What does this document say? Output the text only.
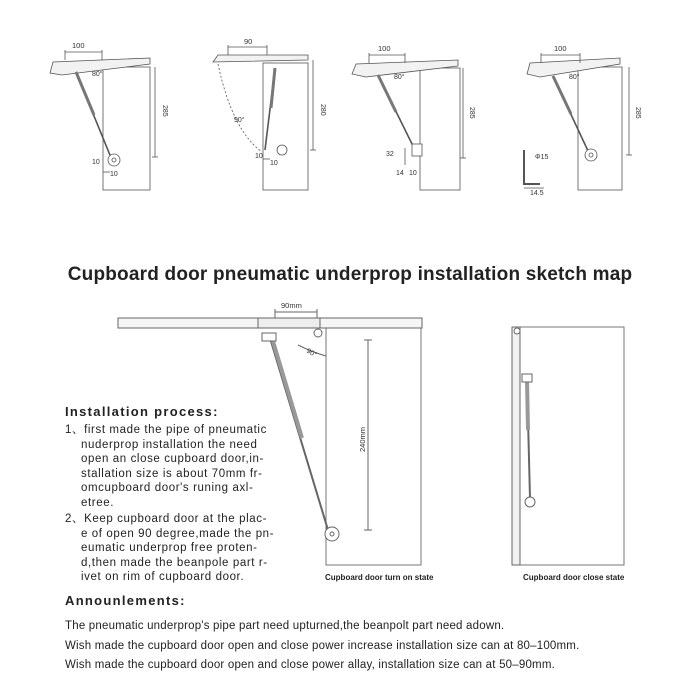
100
80°
285
10
10
90
90°
280
10
10
100
80°
285
32
14 10
100
80°
285
Φ15
14.5
90mm
90°
240mm
Cupboard door pneumatic underprop installation sketch map
Installation process:
1、first made the pipe of pneumatic
nuderprop installation the need
open an close cupboard door,in-
stallation size is about 70mm fr-
omcupboard door's runing axl-
etree.
2、Keep cupboard door at the plac-
e of open 90 degree,made the pn-
eumatic underprop free proten-
d,then made the beanpole part r-
ivet on rim of cupboard door.	Cupboard door turn on state	Cupboard door close state
Announlements:
The pneumatic underprop's pipe part need upturned,the beanpolt part need adown.
Wish made the cupboard door open and close power increase installation size can at 80–100mm.
Wish made the cupboard door open and close power allay, installation size can at 50–90mm.
